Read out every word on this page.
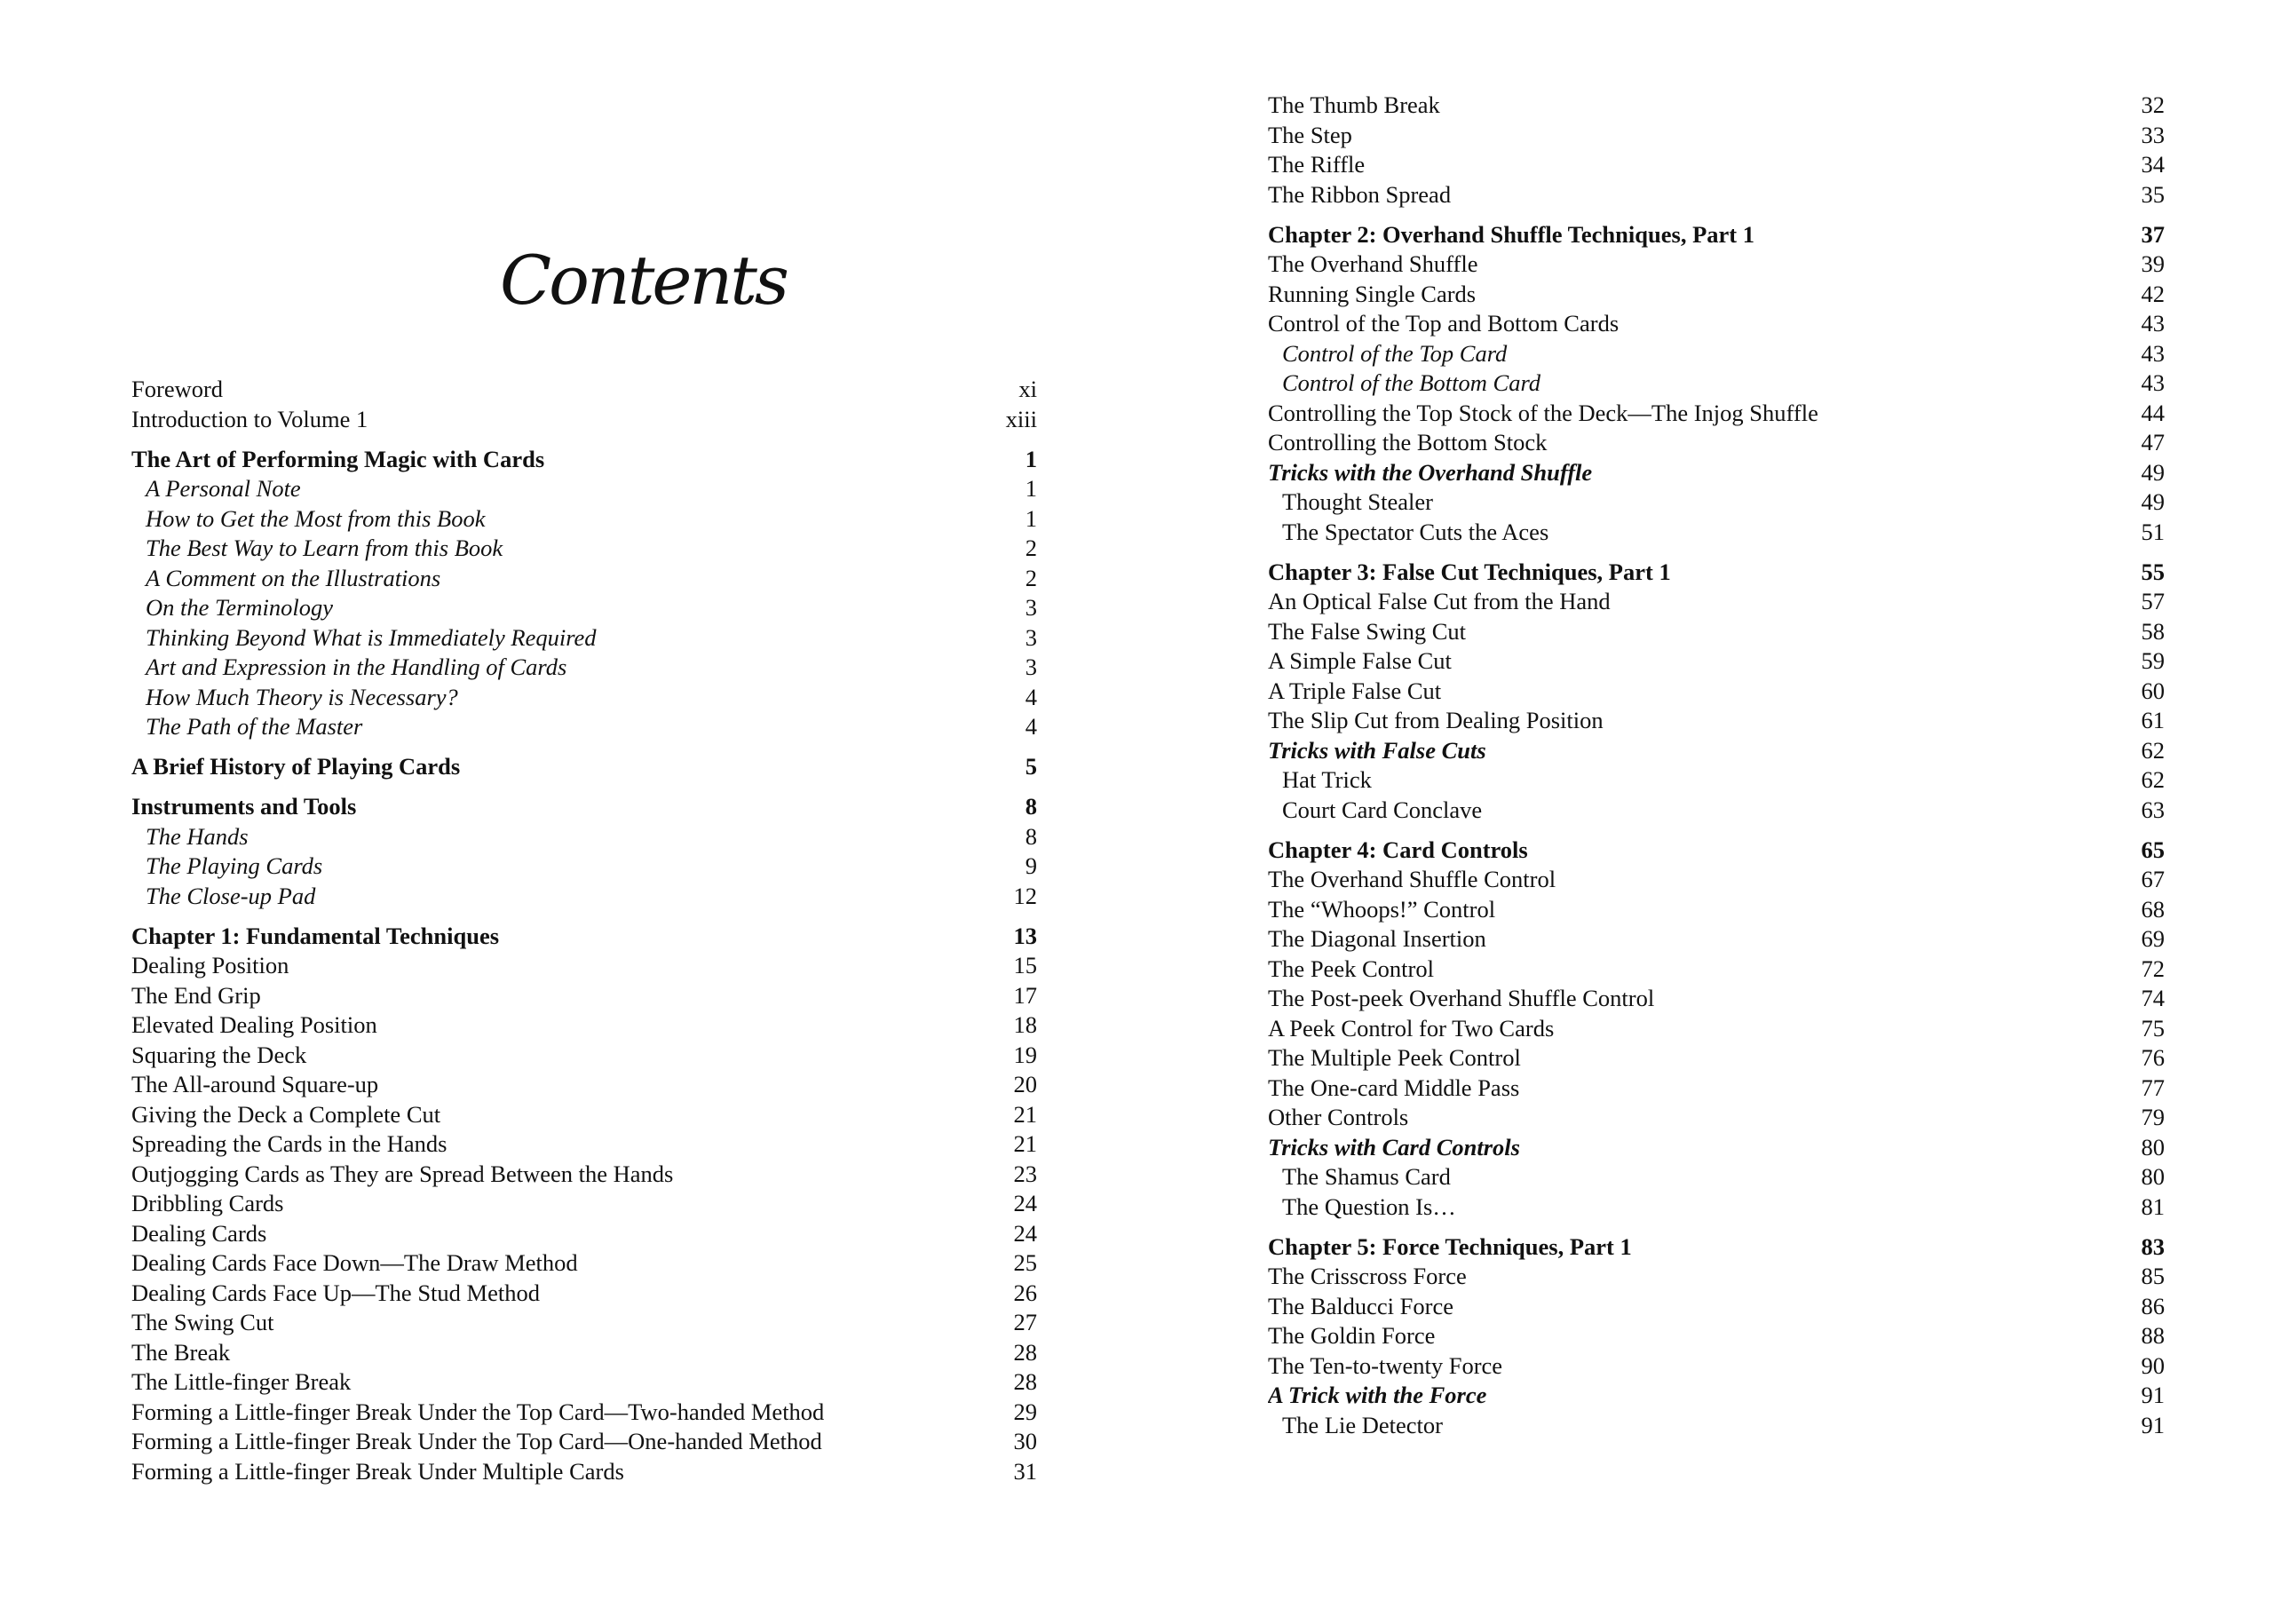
Contents
Foreword	xi
Introduction to Volume 1	xiii
The Art of Performing Magic with Cards	1
A Personal Note	1
How to Get the Most from this Book	1
The Best Way to Learn from this Book	2
A Comment on the Illustrations	2
On the Terminology	3
Thinking Beyond What is Immediately Required	3
Art and Expression in the Handling of Cards	3
How Much Theory is Necessary?	4
The Path of the Master	4
A Brief History of Playing Cards	5
Instruments and Tools	8
The Hands	8
The Playing Cards	9
The Close-up Pad	12
Chapter 1: Fundamental Techniques	13
Dealing Position	15
The End Grip	17
Elevated Dealing Position	18
Squaring the Deck	19
The All-around Square-up	20
Giving the Deck a Complete Cut	21
Spreading the Cards in the Hands	21
Outjogging Cards as They are Spread Between the Hands	23
Dribbling Cards	24
Dealing Cards	24
Dealing Cards Face Down—The Draw Method	25
Dealing Cards Face Up—The Stud Method	26
The Swing Cut	27
The Break	28
The Little-finger Break	28
Forming a Little-finger Break Under the Top Card—Two-handed Method	29
Forming a Little-finger Break Under the Top Card—One-handed Method	30
Forming a Little-finger Break Under Multiple Cards	31
The Thumb Break	32
The Step	33
The Riffle	34
The Ribbon Spread	35
Chapter 2: Overhand Shuffle Techniques, Part 1	37
The Overhand Shuffle	39
Running Single Cards	42
Control of the Top and Bottom Cards	43
Control of the Top Card	43
Control of the Bottom Card	43
Controlling the Top Stock of the Deck—The Injog Shuffle	44
Controlling the Bottom Stock	47
Tricks with the Overhand Shuffle	49
Thought Stealer	49
The Spectator Cuts the Aces	51
Chapter 3: False Cut Techniques, Part 1	55
An Optical False Cut from the Hand	57
The False Swing Cut	58
A Simple False Cut	59
A Triple False Cut	60
The Slip Cut from Dealing Position	61
Tricks with False Cuts	62
Hat Trick	62
Court Card Conclave	63
Chapter 4: Card Controls	65
The Overhand Shuffle Control	67
The “Whoops!” Control	68
The Diagonal Insertion	69
The Peek Control	72
The Post-peek Overhand Shuffle Control	74
A Peek Control for Two Cards	75
The Multiple Peek Control	76
The One-card Middle Pass	77
Other Controls	79
Tricks with Card Controls	80
The Shamus Card	80
The Question Is…	81
Chapter 5: Force Techniques, Part 1	83
The Crisscross Force	85
The Balducci Force	86
The Goldin Force	88
The Ten-to-twenty Force	90
A Trick with the Force	91
The Lie Detector	91
